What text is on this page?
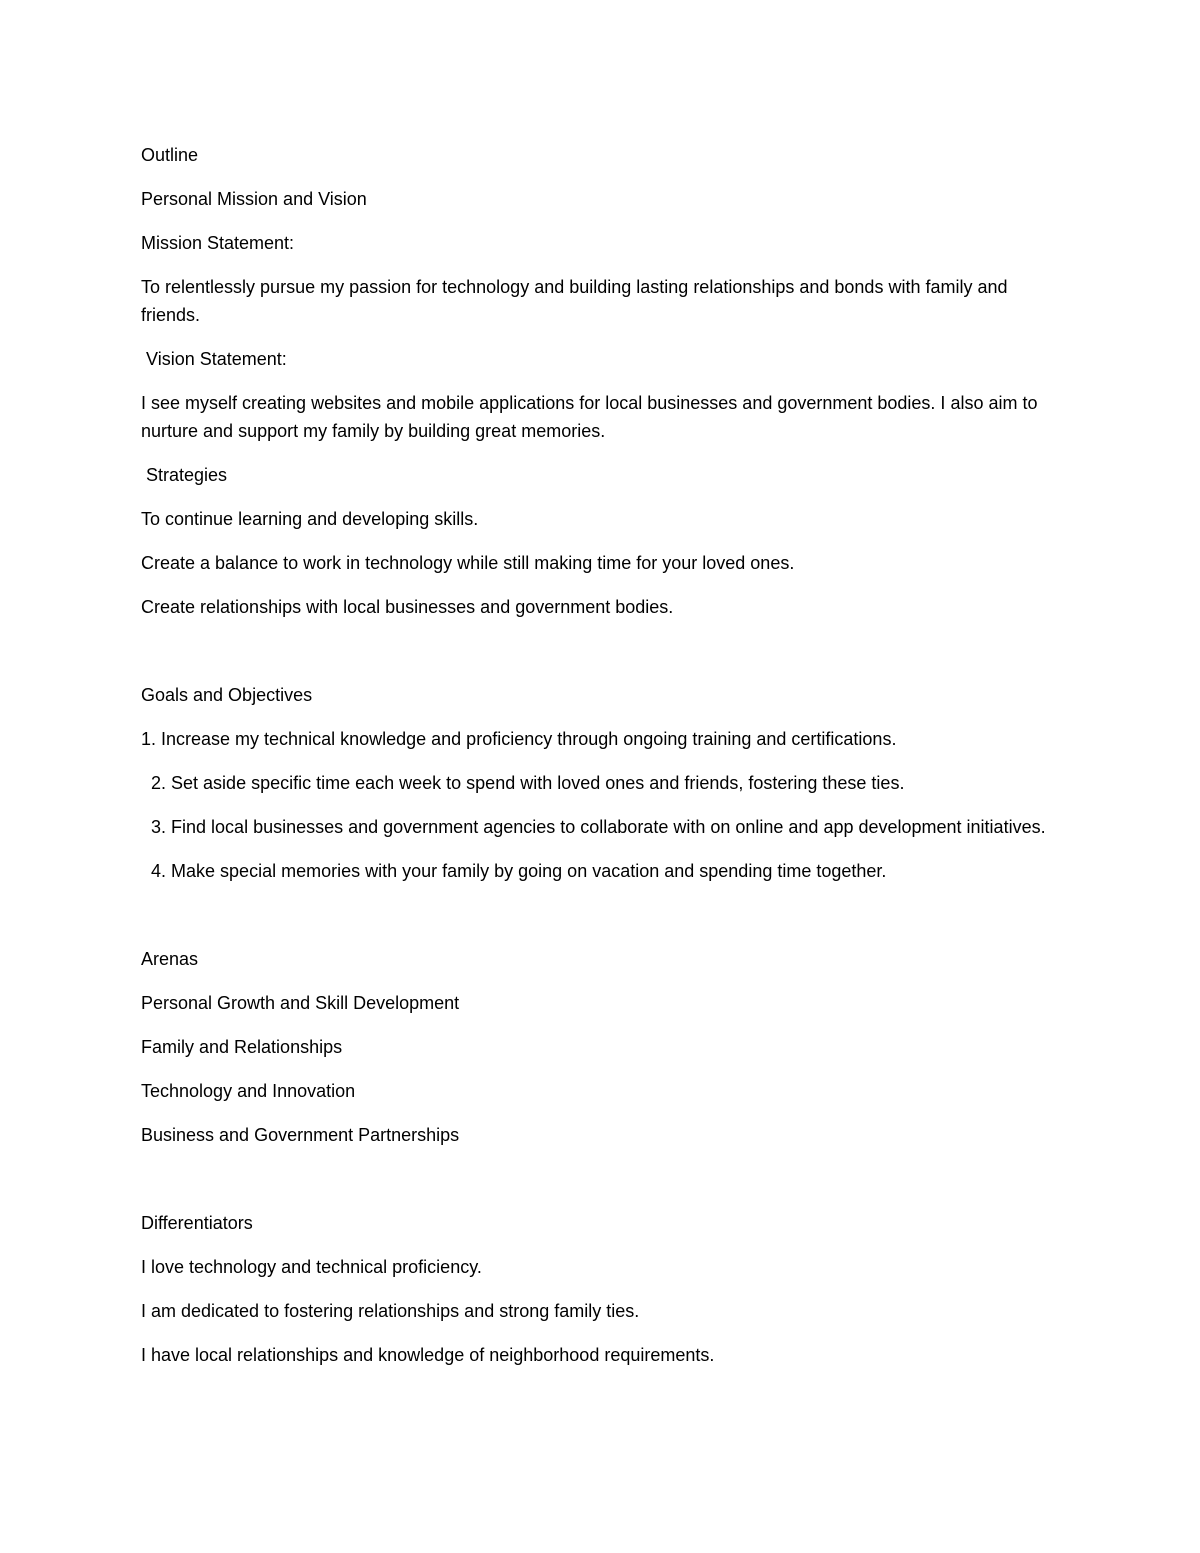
Outline

Personal Mission and Vision

Mission Statement:

To relentlessly pursue my passion for technology and building lasting relationships and bonds with family and friends.

Vision Statement:

I see myself creating websites and mobile applications for local businesses and government bodies. I also aim to nurture and support my family by building great memories.

Strategies

To continue learning and developing skills.

Create a balance to work in technology while still making time for your loved ones.

Create relationships with local businesses and government bodies.

Goals and Objectives

1. Increase my technical knowledge and proficiency through ongoing training and certifications.

2. Set aside specific time each week to spend with loved ones and friends, fostering these ties.

3. Find local businesses and government agencies to collaborate with on online and app development initiatives.

4. Make special memories with your family by going on vacation and spending time together.

Arenas

Personal Growth and Skill Development

Family and Relationships

Technology and Innovation

Business and Government Partnerships

Differentiators

I love technology and technical proficiency.

I am dedicated to fostering relationships and strong family ties.

I have local relationships and knowledge of neighborhood requirements.
